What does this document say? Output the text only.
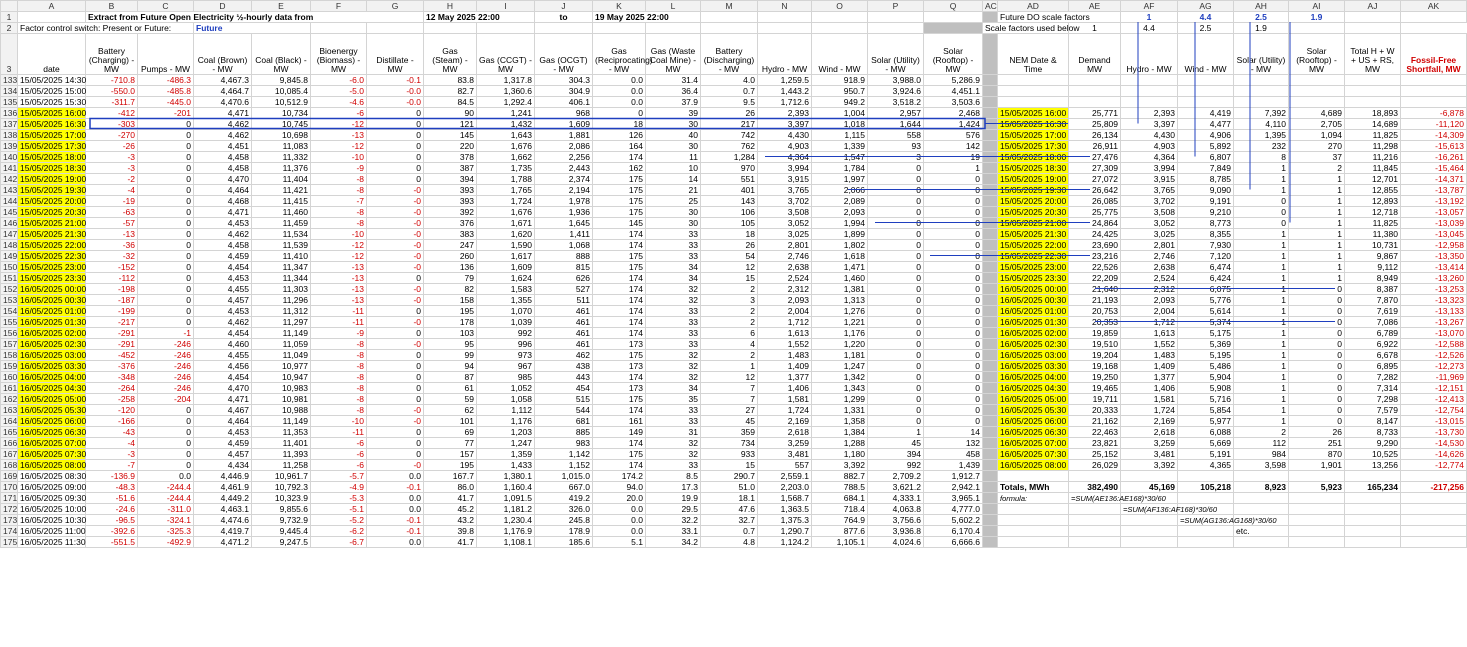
	A	B	C	D	E	F	G	H	I	J	K	L	M	N	O	P	Q	AC	AD	AE	AF	AG	AH	AI	AJ	AK
1		Extract from Future Open Electricity ½-hourly data from						12 May 2025 22:00		to	19 May 2025 22:00								Future DO scale factors		1	4.4	2.5	1.9		
2	Factor control switch: Present or Future:			Future														Scale factors used below		1	4.4	2.5	1.9			
3	date	Battery (Charging) - MW	Pumps - MW	Coal (Brown) - MW	Coal (Black) - MW	Bioenergy (Biomass) - MW	Distillate - MW	Gas (Steam) - MW	Gas (CCGT) - MW	Gas (OCGT) - MW	Gas (Reciprocating) - MW	Gas (Waste Coal Mine) - MW	Battery (Discharging) - MW	Hydro - MW	Wind - MW	Solar (Utility) - MW	Solar (Rooftop) - MW		NEM Date & Time	Demand MW	Hydro - MW	Wind - MW	Solar (Utility) - MW	Solar (Rooftop) - MW	Total H + W + US + RS, MW	Fossil-Free Shortfall, MW
133	15/05/2025 14:30	-710.8	-486.3	4,467.3	9,845.8	-6.0	-0.1	83.8	1,317.8	304.3	0.0	31.4	4.0	1,259.5	918.9	3,988.0	5,286.9									
134	15/05/2025 15:00	-550.0	-485.8	4,464.7	10,085.4	-5.0	-0.0	82.7	1,360.6	304.9	0.0	36.4	0.7	1,443.2	950.7	3,924.6	4,451.1									
135	15/05/2025 15:30	-311.7	-445.0	4,470.6	10,512.9	-4.6	-0.0	84.5	1,292.4	406.1	0.0	37.9	9.5	1,712.6	949.2	3,518.2	3,503.6									
136	15/05/2025 16:00	-412	-201	4,471	10,734	-6	0	90	1,241	968	0	39	26	2,393	1,004	2,957	2,468		15/05/2025 16:00	25,771	2,393	4,419	7,392	4,689	18,893	-6,878
137	15/05/2025 16:30	-303	0	4,462	10,745	-12	0	121	1,432	1,609	18	30	217	3,397	1,018	1,644	1,424		15/05/2025 16:30	25,809	3,397	4,477	4,110	2,705	14,689	-11,120
138	15/05/2025 17:00	-270	0	4,462	10,698	-13	0	145	1,643	1,881	126	40	742	4,430	1,115	558	576		15/05/2025 17:00	26,134	4,430	4,906	1,395	1,094	11,825	-14,309
139	15/05/2025 17:30	-26	0	4,451	11,083	-12	0	220	1,676	2,086	164	30	762	4,903	1,339	93	142		15/05/2025 17:30	26,911	4,903	5,892	232	270	11,298	-15,613
140	15/05/2025 18:00	-3	0	4,458	11,332	-10	0	378	1,662	2,256	174	11	1,284	4,364	1,547	3	19		15/05/2025 18:00	27,476	4,364	6,807	8	37	11,216	-16,261
141	15/05/2025 18:30	-3	0	4,458	11,376	-9	0	387	1,735	2,443	162	10	970	3,994	1,784	0	1		15/05/2025 18:30	27,309	3,994	7,849	1	2	11,845	-15,464
142	15/05/2025 19:00	-2	0	4,470	11,404	-8	0	394	1,788	2,374	175	14	551	3,915	1,997	0	0		15/05/2025 19:00	27,072	3,915	8,785	1	1	12,701	-14,371
143	15/05/2025 19:30	-4	0	4,464	11,421	-8	-0	393	1,765	2,194	175	21	401	3,765	2,066	0	0		15/05/2025 19:30	26,642	3,765	9,090	1	1	12,855	-13,787
144	15/05/2025 20:00	-19	0	4,468	11,415	-7	-0	393	1,724	1,978	175	25	143	3,702	2,089	0	0		15/05/2025 20:00	26,085	3,702	9,191	0	1	12,893	-13,192
145	15/05/2025 20:30	-63	0	4,471	11,460	-8	-0	392	1,676	1,936	175	30	106	3,508	2,093	0	0		15/05/2025 20:30	25,775	3,508	9,210	0	1	12,718	-13,057
146	15/05/2025 21:00	-57	0	4,453	11,459	-8	-0	376	1,671	1,645	145	30	105	3,052	1,994	0	0		15/05/2025 21:00	24,864	3,052	8,773	0	1	11,825	-13,039
147	15/05/2025 21:30	-13	0	4,462	11,534	-10	-0	383	1,620	1,411	174	33	18	3,025	1,899	0	0		15/05/2025 21:30	24,425	3,025	8,355	1	1	11,380	-13,045
148	15/05/2025 22:00	-36	0	4,458	11,539	-12	-0	247	1,590	1,068	174	33	26	2,801	1,802	0	0		15/05/2025 22:00	23,690	2,801	7,930	1	1	10,731	-12,958
149	15/05/2025 22:30	-32	0	4,459	11,410	-12	-0	260	1,617	888	175	33	54	2,746	1,618	0	0		15/05/2025 22:30	23,216	2,746	7,120	1	1	9,867	-13,350
150	15/05/2025 23:00	-152	0	4,454	11,347	-13	-0	136	1,609	815	175	34	12	2,638	1,471	0	0		15/05/2025 23:00	22,526	2,638	6,474	1	1	9,112	-13,414
151	15/05/2025 23:30	-112	0	4,453	11,344	-13	0	79	1,624	626	174	34	15	2,524	1,460	0	0		15/05/2025 23:30	22,209	2,524	6,424	1	1	8,949	-13,260
152	16/05/2025 00:00	-198	0	4,455	11,303	-13	-0	82	1,583	527	174	32	2	2,312	1,381	0	0		16/05/2025 00:00	21,640	2,312	6,075	1	0	8,387	-13,253
153	16/05/2025 00:30	-187	0	4,457	11,296	-13	-0	158	1,355	511	174	32	3	2,093	1,313	0	0		16/05/2025 00:30	21,193	2,093	5,776	1	0	7,870	-13,323
154	16/05/2025 01:00	-199	0	4,453	11,312	-11	0	195	1,070	461	174	33	2	2,004	1,276	0	0		16/05/2025 01:00	20,753	2,004	5,614	1	0	7,619	-13,133
155	16/05/2025 01:30	-217	0	4,462	11,297	-11	-0	178	1,039	461	174	33	2	1,712	1,221	0	0		16/05/2025 01:30	20,353	1,712	5,374	1	0	7,086	-13,267
156	16/05/2025 02:00	-291	-1	4,454	11,149	-9	0	103	992	461	174	33	6	1,613	1,176	0	0		16/05/2025 02:00	19,859	1,613	5,175	1	0	6,789	-13,070
157	16/05/2025 02:30	-291	-246	4,460	11,059	-8	-0	95	996	461	173	33	4	1,552	1,220	0	0		16/05/2025 02:30	19,510	1,552	5,369	1	0	6,922	-12,588
158	16/05/2025 03:00	-452	-246	4,455	11,049	-8	0	99	973	462	175	32	2	1,483	1,181	0	0		16/05/2025 03:00	19,204	1,483	5,195	1	0	6,678	-12,526
159	16/05/2025 03:30	-376	-246	4,456	10,977	-8	0	94	967	438	173	32	1	1,409	1,247	0	0		16/05/2025 03:30	19,168	1,409	5,486	1	0	6,895	-12,273
160	16/05/2025 04:00	-348	-246	4,454	10,947	-8	0	87	985	443	174	32	12	1,377	1,342	0	0		16/05/2025 04:00	19,250	1,377	5,904	1	0	7,282	-11,969
161	16/05/2025 04:30	-264	-246	4,470	10,983	-8	0	61	1,052	454	173	34	7	1,406	1,343	0	0		16/05/2025 04:30	19,465	1,406	5,908	1	0	7,314	-12,151
162	16/05/2025 05:00	-258	-204	4,471	10,981	-8	0	59	1,058	515	175	35	7	1,581	1,299	0	0		16/05/2025 05:00	19,711	1,581	5,716	1	0	7,298	-12,413
163	16/05/2025 05:30	-120	0	4,467	10,988	-8	-0	62	1,112	544	174	33	27	1,724	1,331	0	0		16/05/2025 05:30	20,333	1,724	5,854	1	0	7,579	-12,754
164	16/05/2025 06:00	-166	0	4,464	11,149	-10	-0	101	1,176	681	161	33	45	2,169	1,358	0	0		16/05/2025 06:00	21,162	2,169	5,977	1	0	8,147	-13,015
165	16/05/2025 06:30	-43	0	4,453	11,353	-11	0	69	1,203	885	149	31	359	2,618	1,384	1	14		16/05/2025 06:30	22,463	2,618	6,088	2	26	8,733	-13,730
166	16/05/2025 07:00	-4	0	4,459	11,401	-6	0	77	1,247	983	174	32	734	3,259	1,288	45	132		16/05/2025 07:00	23,821	3,259	5,669	112	251	9,290	-14,530
167	16/05/2025 07:30	-3	0	4,457	11,393	-6	0	157	1,359	1,142	175	32	933	3,481	1,180	394	458		16/05/2025 07:30	25,152	3,481	5,191	984	870	10,525	-14,626
168	16/05/2025 08:00	-7	0	4,434	11,258	-6	-0	195	1,433	1,152	174	33	15	557	3,392	992	1,439		16/05/2025 08:00	26,029	3,392	4,365	3,598	1,901	13,256	-12,774
169	16/05/2025 08:30	-136.9	0.0	4,446.9	10,961.7	-5.7	0.0	167.7	1,380.1	1,015.0	174.2	8.5	290.7	2,559.1	882.7	2,709.2	1,912.7									
170	16/05/2025 09:00	-48.3	-244.4	4,461.9	10,792.3	-4.9	-0.1	86.0	1,160.4	667.0	94.0	17.3	51.0	2,203.0	788.5	3,621.2	2,942.1		Totals, MWh	382,490	45,169	105,218	8,923	5,923	165,234	-217,256
171	16/05/2025 09:30	-51.6	-244.4	4,449.2	10,323.9	-5.3	0.0	41.7	1,091.5	419.2	20.0	19.9	18.1	1,568.7	684.1	4,333.1	3,965.1		formula:	=SUM(AE136:AE168)*30/60						
172	16/05/2025 10:00	-24.6	-311.0	4,463.1	9,855.6	-5.1	0.0	45.2	1,181.2	326.0	0.0	29.5	47.6	1,363.5	718.4	4,063.8	4,777.0				=SUM(AF136:AF168)*30/60					
173	16/05/2025 10:30	-96.5	-324.1	4,474.6	9,732.9	-5.2	-0.1	43.2	1,230.4	245.8	0.0	32.2	32.7	1,375.3	764.9	3,756.6	5,602.2					=SUM(AG136:AG168)*30/60				
174	16/05/2025 11:00	-392.6	-325.3	4,419.7	9,445.4	-6.2	-0.1	39.8	1,176.9	178.9	0.0	33.1	0.7	1,290.7	877.6	3,936.8	6,170.4						etc.			
175	16/05/2025 11:30	-551.5	-492.9	4,471.2	9,247.5	-6.7	0.0	41.7	1,108.1	185.6	5.1	34.2	4.8	1,124.2	1,105.1	4,024.6	6,666.6									
